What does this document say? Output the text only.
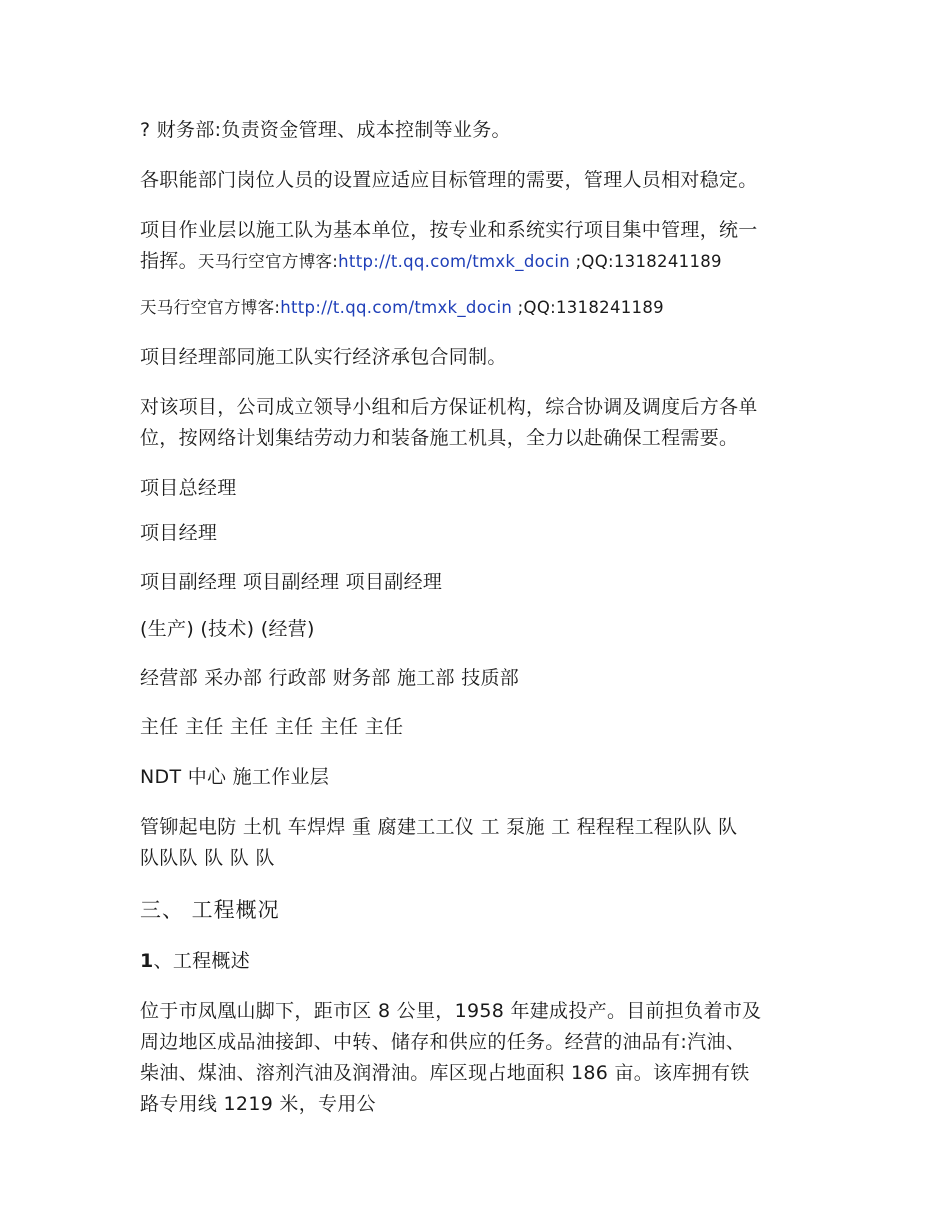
? 财务部:负责资金管理、成本控制等业务。
各职能部门岗位人员的设置应适应目标管理的需要，管理人员相对稳定。
项目作业层以施工队为基本单位，按专业和系统实行项目集中管理，统一
指挥。天马行空官方博客:http://t.qq.com/tmxk_docin ;QQ:1318241189
天马行空官方博客:http://t.qq.com/tmxk_docin ;QQ:1318241189
项目经理部同施工队实行经济承包合同制。
对该项目，公司成立领导小组和后方保证机构，综合协调及调度后方各单
位，按网络计划集结劳动力和装备施工机具，全力以赴确保工程需要。
项目总经理
项目经理
项目副经理 项目副经理 项目副经理
(生产) (技术) (经营)
经营部 采办部 行政部 财务部 施工部 技质部
主任 主任 主任 主任 主任 主任
NDT 中心 施工作业层
管铆起电防 土机 车焊焊 重 腐建工工仪 工 泵施 工 程程程工程队队 队
队队队 队 队 队
三、 工程概况
1、工程概述
位于市凤凰山脚下，距市区 8 公里，1958 年建成投产。目前担负着市及
周边地区成品油接卸、中转、储存和供应的任务。经营的油品有:汽油、
柴油、煤油、溶剂汽油及润滑油。库区现占地面积 186 亩。该库拥有铁
路专用线 1219 米，专用公
